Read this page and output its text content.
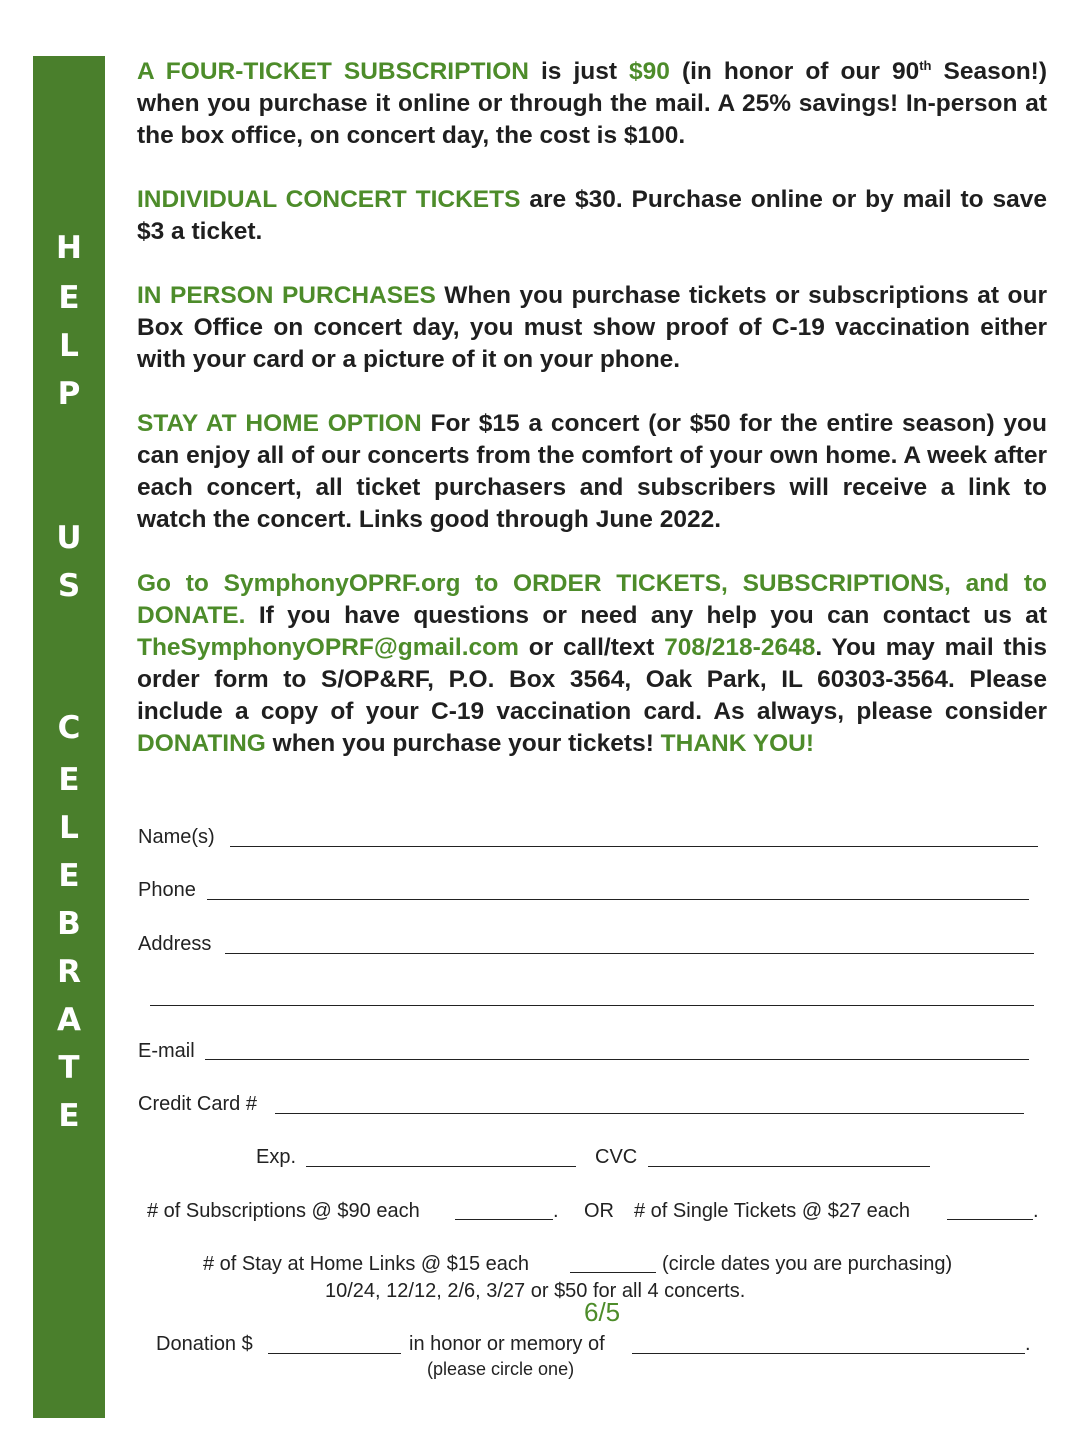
H
E
L
P
U
S
C
E
L
E
B
R
A
T
E

A FOUR-TICKET SUBSCRIPTION is just $90 (in honor of our 90th Season!) when you purchase it online or through the mail. A 25% savings! In-person at the box office, on concert day, the cost is $100.

INDIVIDUAL CONCERT TICKETS are $30. Purchase online or by mail to save $3 a ticket.

IN PERSON PURCHASES When you purchase tickets or subscriptions at our Box Office on concert day, you must show proof of C-19 vaccination either with your card or a picture of it on your phone.

STAY AT HOME OPTION For $15 a concert (or $50 for the entire season) you can enjoy all of our concerts from the comfort of your own home. A week after each concert, all ticket purchasers and subscribers will receive a link to watch the concert. Links good through June 2022.

Go to SymphonyOPRF.org to ORDER TICKETS, SUBSCRIPTIONS, and to DONATE. If you have questions or need any help you can contact us at TheSymphonyOPRF@gmail.com or call/text 708/218-2648. You may mail this order form to S/OP&RF, P.O. Box 3564, Oak Park, IL 60303-3564. Please include a copy of your C-19 vaccination card. As always, please consider DONATING when you purchase your tickets! THANK YOU!

Name(s)
Phone
Address
E-mail
Credit Card #
Exp.	CVC
# of Subscriptions @ $90 each	. OR # of Single Tickets @ $27 each	.
# of Stay at Home Links @ $15 each	(circle dates you are purchasing)
10/24, 12/12, 2/6, 3/27 or $50 for all 4 concerts.
6/5
Donation $	in honor or memory of	.
(please circle one)
